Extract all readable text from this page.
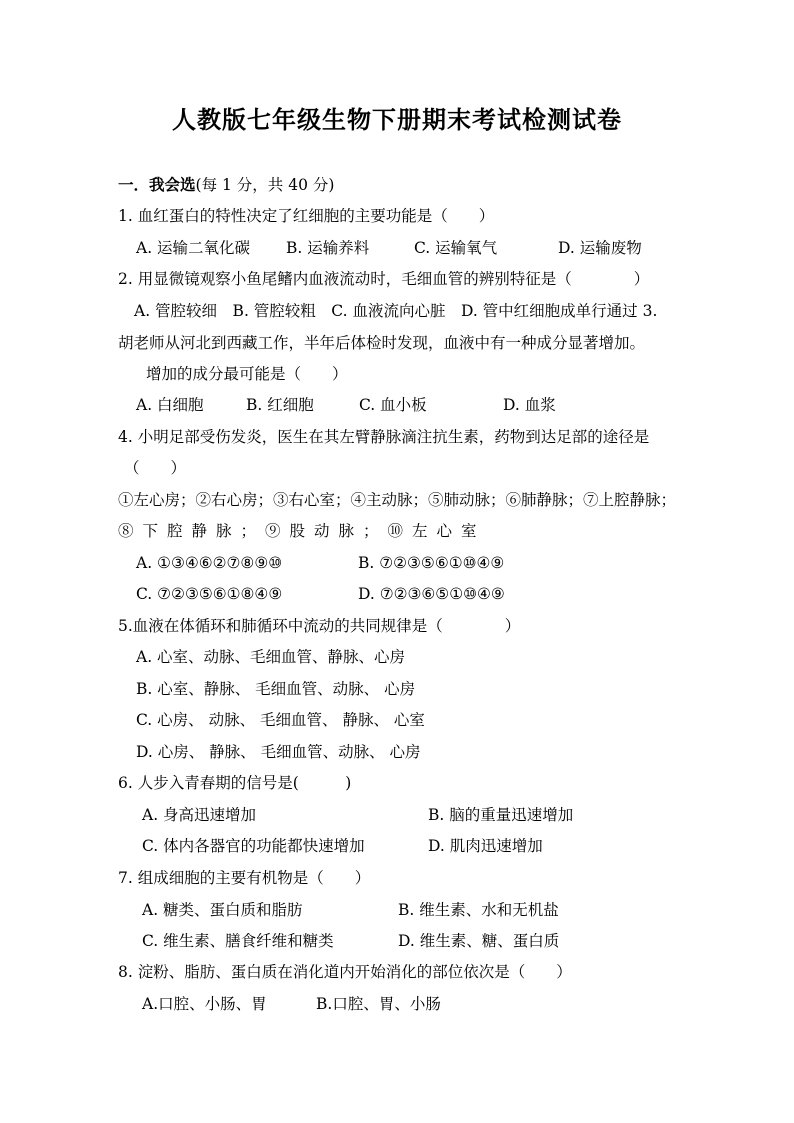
人教版七年级生物下册期末考试检测试卷
一．我会选(每 1 分，共 40 分)
1. 血红蛋白的特性决定了红细胞的主要功能是（　　）
A. 运输二氧化碳 B. 运输养料	C. 运输氧气	D. 运输废物
2. 用显微镜观察小鱼尾鳍内血液流动时，毛细血管的辨别特征是（　　　　）
A. 管腔较细　B. 管腔较粗　C. 血液流向心脏　D. 管中红细胞成单行通过 3.
胡老师从河北到西藏工作，半年后体检时发现，血液中有一种成分显著增加。
增加的成分最可能是（　　）
A. 白细胞	B. 红细胞	C. 血小板	D. 血浆
4. 小明足部受伤发炎，医生在其左臂静脉滴注抗生素，药物到达足部的途径是
（　　）
①左心房；②右心房；③右心室；④主动脉；⑤肺动脉；⑥肺静脉；⑦上腔静脉；
⑧下腔静脉；⑨股动脉；⑩左心室
A. ①③④⑥②⑦⑧⑨⑩	B. ⑦②③⑤⑥①⑩④⑨
C. ⑦②③⑤⑥①⑧④⑨	D. ⑦②③⑥⑤①⑩④⑨
5.血液在体循环和肺循环中流动的共同规律是（　　　　）
A. 心室、动脉、毛细血管、静脉、心房
B. 心室、静脉、 毛细血管、动脉、 心房
C. 心房、 动脉、 毛细血管、 静脉、 心室
D. 心房、 静脉、 毛细血管、动脉、 心房
6. 人步入青春期的信号是(　　　)
A. 身高迅速增加	B. 脑的重量迅速增加
C. 体内各器官的功能都快速增加	D. 肌肉迅速增加
7. 组成细胞的主要有机物是（　　）
A. 糖类、蛋白质和脂肪	B. 维生素、水和无机盐
C. 维生素、膳食纤维和糖类	D. 维生素、糖、蛋白质
8. 淀粉、脂肪、蛋白质在消化道内开始消化的部位依次是（　　）
A.口腔、小肠、胃	B.口腔、胃、小肠
